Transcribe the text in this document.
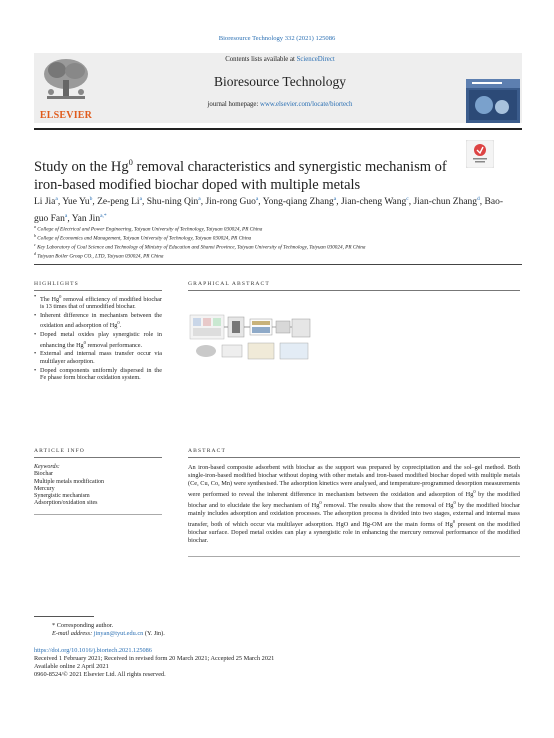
Bioresource Technology 332 (2021) 125086
ELSEVIER
Contents lists available at ScienceDirect
Bioresource Technology
journal homepage: www.elsevier.com/locate/biortech
Study on the Hg$^0$ removal characteristics and synergistic mechanism of
iron-based modified biochar doped with multiple metals
Li Jia$^a$, Yue Yu$^b$, Ze-peng Li$^a$, Shu-ning Qin$^a$, Jin-rong Guo$^a$, Yong-qiang Zhang$^a$, Jian-cheng Wang$^c$, Jian-chun Zhang$^d$, Bao-guo Fan$^a$, Yan Jin$^{a,*}$
$^a$ College of Electrical and Power Engineering, Taiyuan University of Technology, Taiyuan 030024, PR China
$^b$ College of Economics and Management, Taiyuan University of Technology, Taiyuan 030024, PR China
$^c$ Key Laboratory of Coal Science and Technology of Ministry of Education and Shanxi Province, Taiyuan University of Technology, Taiyuan 030024, PR China
$^d$ Taiyuan Boiler Group CO., LTD, Taiyuan 030024, PR China
HIGHLIGHTS
• The Hg$^0$ removal efficiency of modified biochar is 13 times that of unmodified biochar.
• Inherent difference in mechanism between the oxidation and adsorption of Hg$^0$.
• Doped metal oxides play synergistic role in enhancing the Hg$^0$ removal performance.
• External and internal mass transfer occur via multilayer adsorption.
• Doped components uniformly dispersed in the Fe phase form biochar oxidation system.
GRAPHICAL ABSTRACT
ARTICLE INFO
Keywords:
Biochar
Multiple metals modification
Mercury
Synergistic mechanism
Adsorption/oxidation sites
ABSTRACT
An iron-based composite adsorbent with biochar as the support was prepared by coprecipitation and the sol–gel method. Both single-iron-based modified biochar without doping with other metals and iron-based modified biochar doped with multiple metals (Ce, Cu, Co, Mn) were synthesised. The adsorption kinetics were analysed, and temperature-programmed desorption measurements were performed to reveal the inherent difference in mechanism between the oxidation and adsorption of Hg$^0$ by the modified biochar and to elucidate the key mechanism of Hg$^0$ removal. The results show that the removal of Hg$^0$ by the modified biochar mainly includes adsorption and oxidation processes. The adsorption process is divided into two stages, external and internal mass transfer, both of which occur via multilayer adsorption. HgO and Hg-OM are the main forms of Hg$^0$ present on the modified biochar surface. Doped metal oxides can play a synergistic role in enhancing the mercury removal performance of the modified biochar.
* Corresponding author.
E-mail address: jinyan@tyut.edu.cn (Y. Jin).
https://doi.org/10.1016/j.biortech.2021.125086
Received 1 February 2021; Received in revised form 20 March 2021; Accepted 25 March 2021
Available online 2 April 2021
0960-8524/© 2021 Elsevier Ltd. All rights reserved.
